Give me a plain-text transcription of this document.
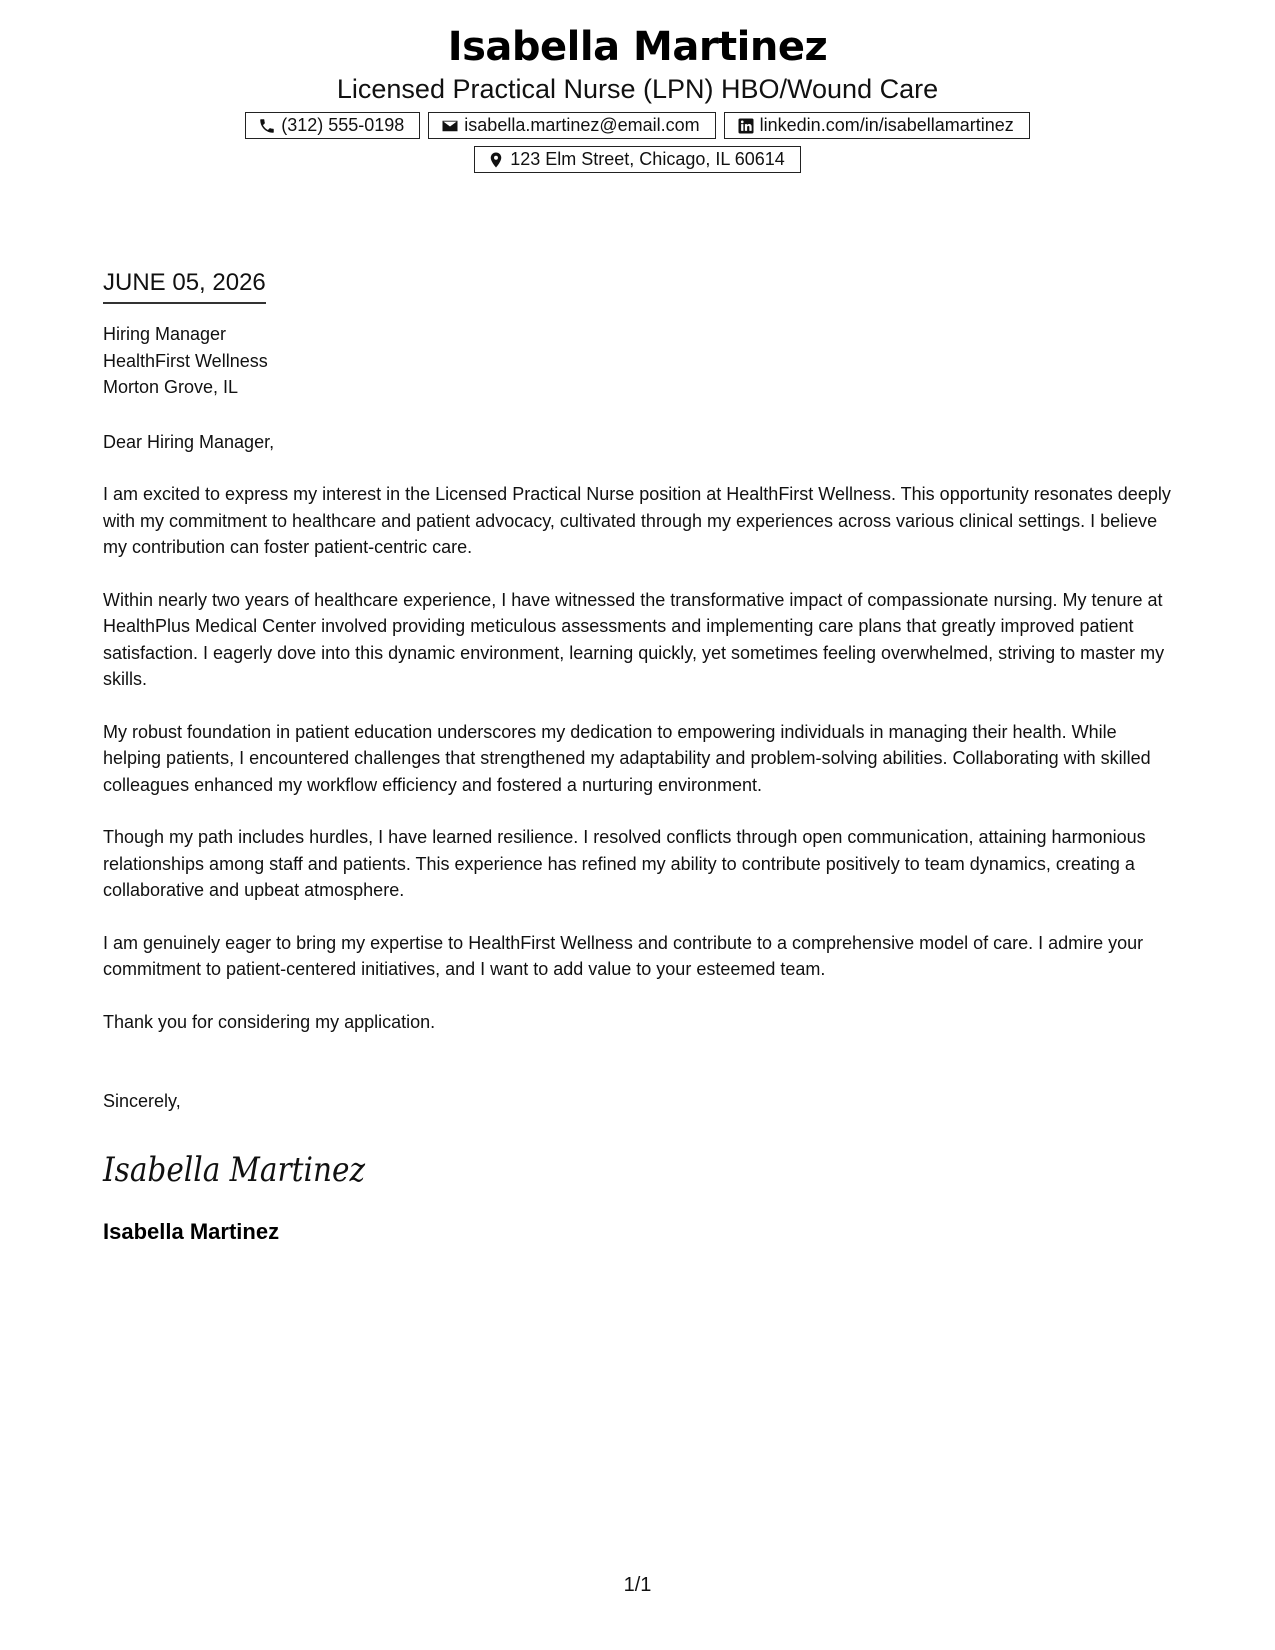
Isabella Martinez
Licensed Practical Nurse (LPN) HBO/Wound Care
(312) 555-0198	isabella.martinez@email.com	linkedin.com/in/isabellamartinez
123 Elm Street, Chicago, IL 60614
JUNE 05, 2026
Hiring Manager
HealthFirst Wellness
Morton Grove, IL
Dear Hiring Manager,
I am excited to express my interest in the Licensed Practical Nurse position at HealthFirst Wellness. This opportunity resonates deeply with my commitment to healthcare and patient advocacy, cultivated through my experiences across various clinical settings. I believe my contribution can foster patient-centric care.
Within nearly two years of healthcare experience, I have witnessed the transformative impact of compassionate nursing. My tenure at HealthPlus Medical Center involved providing meticulous assessments and implementing care plans that greatly improved patient satisfaction. I eagerly dove into this dynamic environment, learning quickly, yet sometimes feeling overwhelmed, striving to master my skills.
My robust foundation in patient education underscores my dedication to empowering individuals in managing their health. While helping patients, I encountered challenges that strengthened my adaptability and problem-solving abilities. Collaborating with skilled colleagues enhanced my workflow efficiency and fostered a nurturing environment.
Though my path includes hurdles, I have learned resilience. I resolved conflicts through open communication, attaining harmonious relationships among staff and patients. This experience has refined my ability to contribute positively to team dynamics, creating a collaborative and upbeat atmosphere.
I am genuinely eager to bring my expertise to HealthFirst Wellness and contribute to a comprehensive model of care. I admire your commitment to patient-centered initiatives, and I want to add value to your esteemed team.
Thank you for considering my application.
Sincerely,
Isabella Martinez
Isabella Martinez
1/1
